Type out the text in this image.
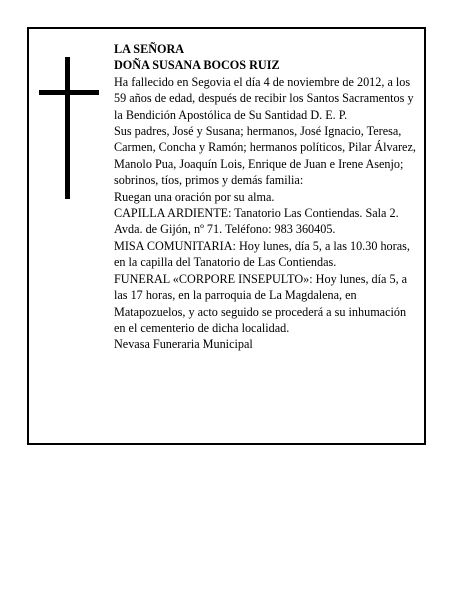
LA SEÑORA

DOÑA SUSANA BOCOS RUIZ

Ha fallecido en Segovia el día 4 de noviembre de 2012, a los 59 años de edad, después de recibir los Santos Sacramentos y la Bendición Apostólica de Su Santidad D. E. P.

Sus padres, José y Susana; hermanos, José Ignacio, Teresa, Carmen, Concha y Ramón; hermanos políticos, Pilar Álvarez, Manolo Pua, Joaquín Lois, Enrique de Juan e Irene Asenjo; sobrinos, tíos, primos y demás familia:

Ruegan una oración por su alma.

CAPILLA ARDIENTE: Tanatorio Las Contiendas. Sala 2. Avda. de Gijón, nº 71. Teléfono: 983 360405.

MISA COMUNITARIA: Hoy lunes, día 5, a las 10.30 horas, en la capilla del Tanatorio de Las Contiendas.

FUNERAL «CORPORE INSEPULTO»: Hoy lunes, día 5, a las 17 horas, en la parroquia de La Magdalena, en Matapozuelos, y acto seguido se procederá a su inhumación en el cementerio de dicha localidad.

Nevasa Funeraria Municipal
